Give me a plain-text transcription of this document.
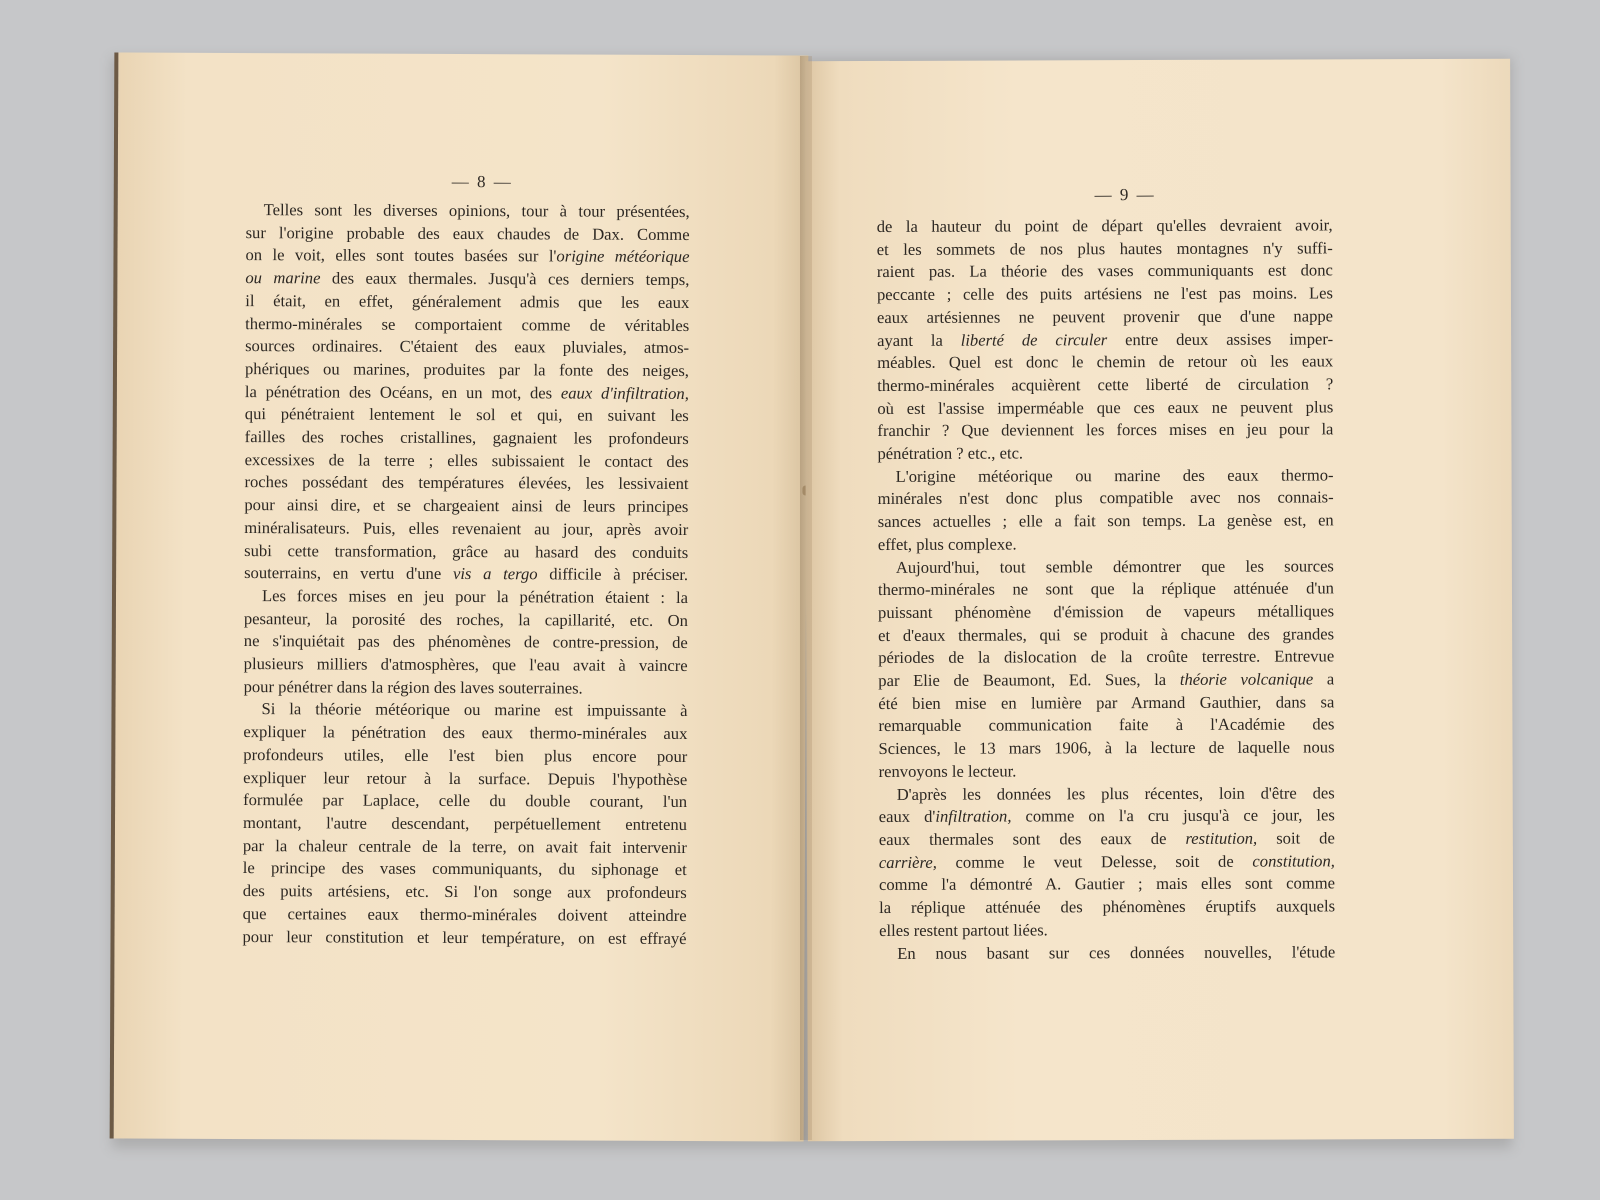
— 8 —
Telles sont les diverses opinions, tour à tour présentées,
sur l'origine probable des eaux chaudes de Dax. Comme
on le voit, elles sont toutes basées sur l'origine météorique
ou marine des eaux thermales. Jusqu'à ces derniers temps,
il était, en effet, généralement admis que les eaux
thermo-minérales se comportaient comme de véritables
sources ordinaires. C'étaient des eaux pluviales, atmos-
phériques ou marines, produites par la fonte des neiges,
la pénétration des Océans, en un mot, des eaux d'infiltration,
qui pénétraient lentement le sol et qui, en suivant les
failles des roches cristallines, gagnaient les profondeurs
excessixes de la terre ; elles subissaient le contact des
roches possédant des températures élevées, les lessivaient
pour ainsi dire, et se chargeaient ainsi de leurs principes
minéralisateurs. Puis, elles revenaient au jour, après avoir
subi cette transformation, grâce au hasard des conduits
souterrains, en vertu d'une vis a tergo difficile à préciser.
Les forces mises en jeu pour la pénétration étaient : la
pesanteur, la porosité des roches, la capillarité, etc. On
ne s'inquiétait pas des phénomènes de contre-pression, de
plusieurs milliers d'atmosphères, que l'eau avait à vaincre
pour pénétrer dans la région des laves souterraines.
Si la théorie météorique ou marine est impuissante à
expliquer la pénétration des eaux thermo-minérales aux
profondeurs utiles, elle l'est bien plus encore pour
expliquer leur retour à la surface. Depuis l'hypothèse
formulée par Laplace, celle du double courant, l'un
montant, l'autre descendant, perpétuellement entretenu
par la chaleur centrale de la terre, on avait fait intervenir
le principe des vases communiquants, du siphonage et
des puits artésiens, etc. Si l'on songe aux profondeurs
que certaines eaux thermo-minérales doivent atteindre
pour leur constitution et leur température, on est effrayé
— 9 —
de la hauteur du point de départ qu'elles devraient avoir,
et les sommets de nos plus hautes montagnes n'y suffi-
raient pas. La théorie des vases communiquants est donc
peccante ; celle des puits artésiens ne l'est pas moins. Les
eaux artésiennes ne peuvent provenir que d'une nappe
ayant la liberté de circuler entre deux assises imper-
méables. Quel est donc le chemin de retour où les eaux
thermo-minérales acquièrent cette liberté de circulation ?
où est l'assise imperméable que ces eaux ne peuvent plus
franchir ? Que deviennent les forces mises en jeu pour la
pénétration ? etc., etc.
L'origine météorique ou marine des eaux thermo-
minérales n'est donc plus compatible avec nos connais-
sances actuelles ; elle a fait son temps. La genèse est, en
effet, plus complexe.
Aujourd'hui, tout semble démontrer que les sources
thermo-minérales ne sont que la réplique atténuée d'un
puissant phénomène d'émission de vapeurs métalliques
et d'eaux thermales, qui se produit à chacune des grandes
périodes de la dislocation de la croûte terrestre. Entrevue
par Elie de Beaumont, Ed. Sues, la théorie volcanique a
été bien mise en lumière par Armand Gauthier, dans sa
remarquable communication faite à l'Académie des
Sciences, le 13 mars 1906, à la lecture de laquelle nous
renvoyons le lecteur.
D'après les données les plus récentes, loin d'être des
eaux d'infiltration, comme on l'a cru jusqu'à ce jour, les
eaux thermales sont des eaux de restitution, soit de
carrière, comme le veut Delesse, soit de constitution,
comme l'a démontré A. Gautier ; mais elles sont comme
la réplique atténuée des phénomènes éruptifs auxquels
elles restent partout liées.
En nous basant sur ces données nouvelles, l'étude
